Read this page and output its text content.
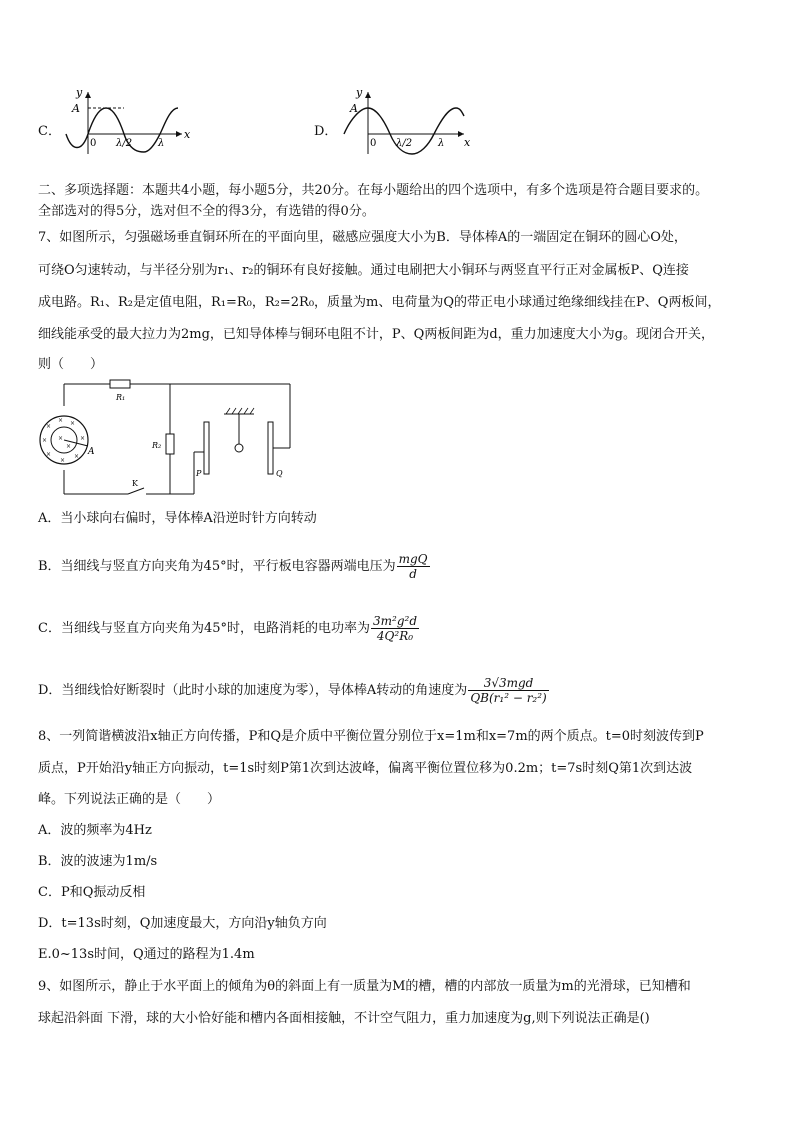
C．
y
A
0 λ/2	λ
x	D．
y
A
0 λ/2	λ x
二、多项选择题：本题共4小题，每小题5分，共20分。在每小题给出的四个选项中，有多个选项是符合题目要求的。
全部选对的得5分，选对但不全的得3分，有选错的得0分。
7、如图所示，匀强磁场垂直铜环所在的平面向里，磁感应强度大小为B．导体棒A的一端固定在铜环的圆心O处，
可绕O匀速转动，与半径分别为r₁、r₂的铜环有良好接触。通过电刷把大小铜环与两竖直平行正对金属板P、Q连接
成电路。R₁、R₂是定值电阻，R₁=R₀，R₂=2R₀，质量为m、电荷量为Q的带正电小球通过绝缘细线挂在P、Q两板间，
细线能承受的最大拉力为2mg，已知导体棒与铜环电阻不计，P、Q两板间距为d，重力加速度大小为g。现闭合开关，
则（　　）
×
× ×
×	×
×
×
×
×
×
A
K
R₂
R₁
P	Q
A．当小球向右偏时，导体棒A沿逆时针方向转动
B．当细线与竖直方向夹角为45°时，平行板电容器两端电压为 $\frac{\text{mgQ}}{d}$
C．当细线与竖直方向夹角为45°时，电路消耗的电功率为 $\frac{\text{3m²g²d}}{\text{4Q²R₀}}$
D．当细线恰好断裂时（此时小球的加速度为零），导体棒A转动的角速度为 $\frac{\text{3√3mgd}}{\text{QB(r₁² − r₂²)}}$
8、一列简谐横波沿x轴正方向传播，P和Q是介质中平衡位置分别位于x=1m和x=7m的两个质点。t=0时刻波传到P
质点，P开始沿y轴正方向振动，t=1s时刻P第1次到达波峰，偏离平衡位置位移为0.2m；t=7s时刻Q第1次到达波
峰。下列说法正确的是（　　）
A．波的频率为4Hz
B．波的波速为1m/s
C．P和Q振动反相
D．t=13s时刻，Q加速度最大，方向沿y轴负方向
E.0~13s时间，Q通过的路程为1.4m
9、如图所示，静止于水平面上的倾角为θ的斜面上有一质量为M的槽，槽的内部放一质量为m的光滑球，已知槽和
球起沿斜面 下滑，球的大小恰好能和槽内各面相接触，不计空气阻力，重力加速度为g,则下列说法正确是()
